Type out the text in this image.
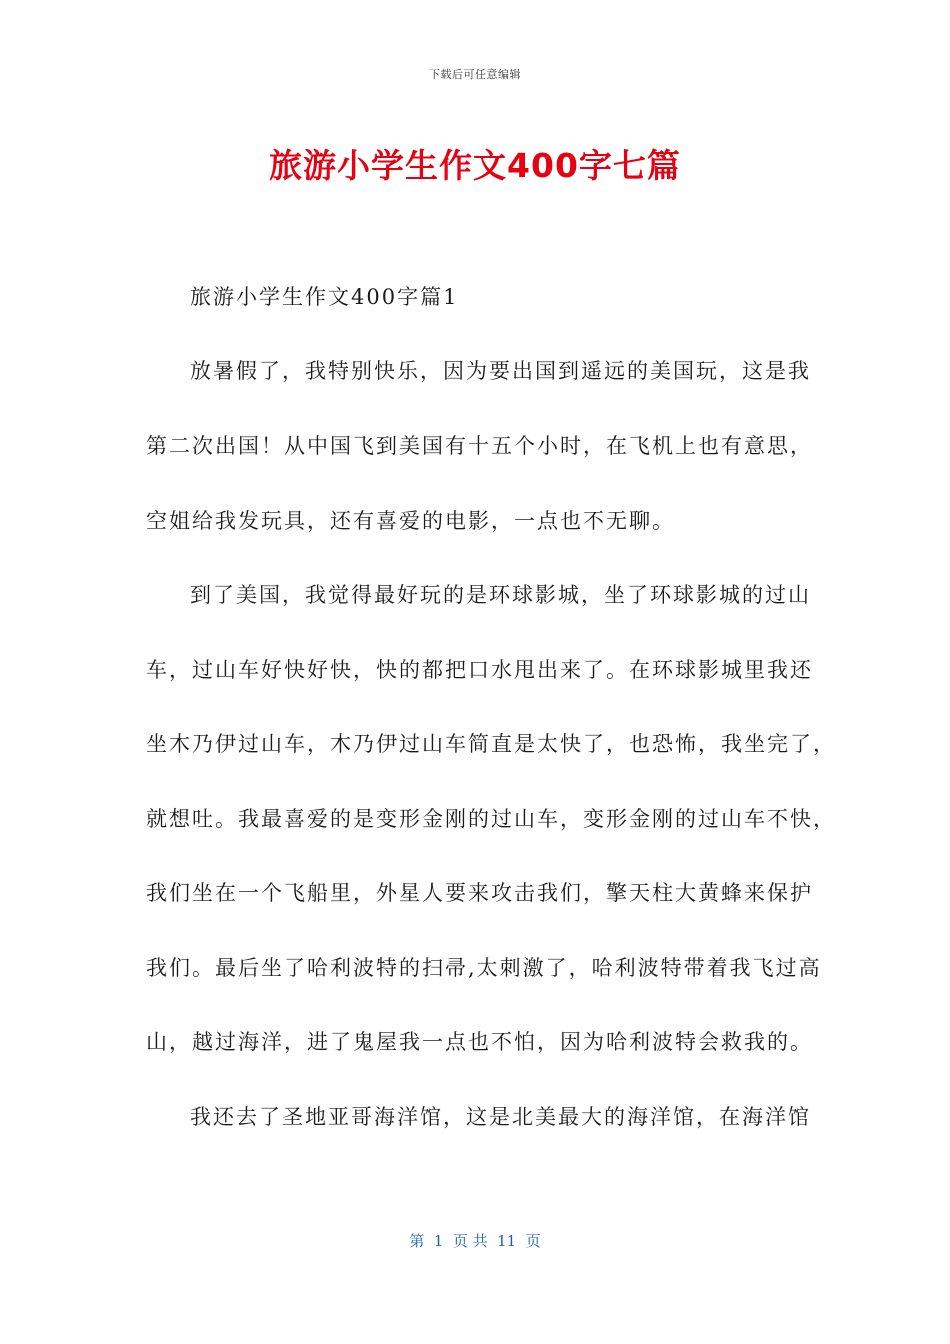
下载后可任意编辑
旅游小学生作文400字七篇
旅游小学生作文400字篇1
放暑假了，我特别快乐，因为要出国到遥远的美国玩，这是我
第二次出国！从中国飞到美国有十五个小时，在飞机上也有意思，
空姐给我发玩具，还有喜爱的电影，一点也不无聊。
到了美国，我觉得最好玩的是环球影城，坐了环球影城的过山
车，过山车好快好快，快的都把口水甩出来了。在环球影城里我还
坐木乃伊过山车，木乃伊过山车简直是太快了，也恐怖，我坐完了，
就想吐。我最喜爱的是变形金刚的过山车，变形金刚的过山车不快，
我们坐在一个飞船里，外星人要来攻击我们，擎天柱大黄蜂来保护
我们。最后坐了哈利波特的扫帚,太刺激了，哈利波特带着我飞过高
山，越过海洋，进了鬼屋我一点也不怕，因为哈利波特会救我的。
我还去了圣地亚哥海洋馆，这是北美最大的海洋馆，在海洋馆
第  1  页 共  11  页
